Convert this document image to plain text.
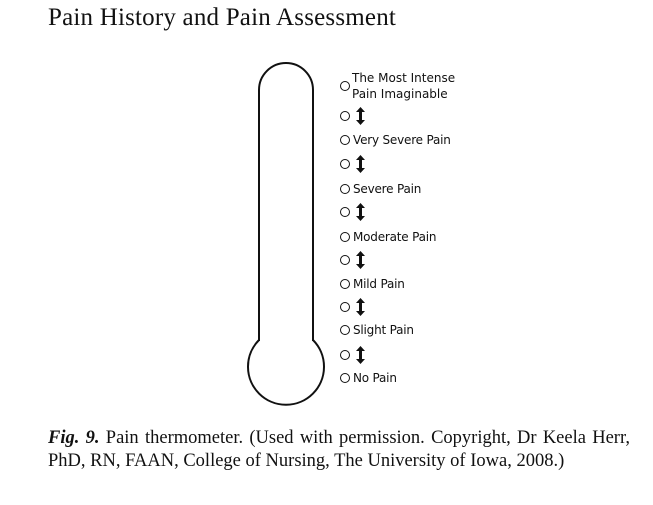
Pain History and Pain Assessment
The Most Intense
Pain Imaginable
Very Severe Pain
Severe Pain
Moderate Pain
Mild Pain
Slight Pain
No Pain
Fig. 9. Pain thermometer. (Used with permission. Copyright, Dr Keela Herr, PhD, RN, FAAN, College of Nursing, The University of Iowa, 2008.)
